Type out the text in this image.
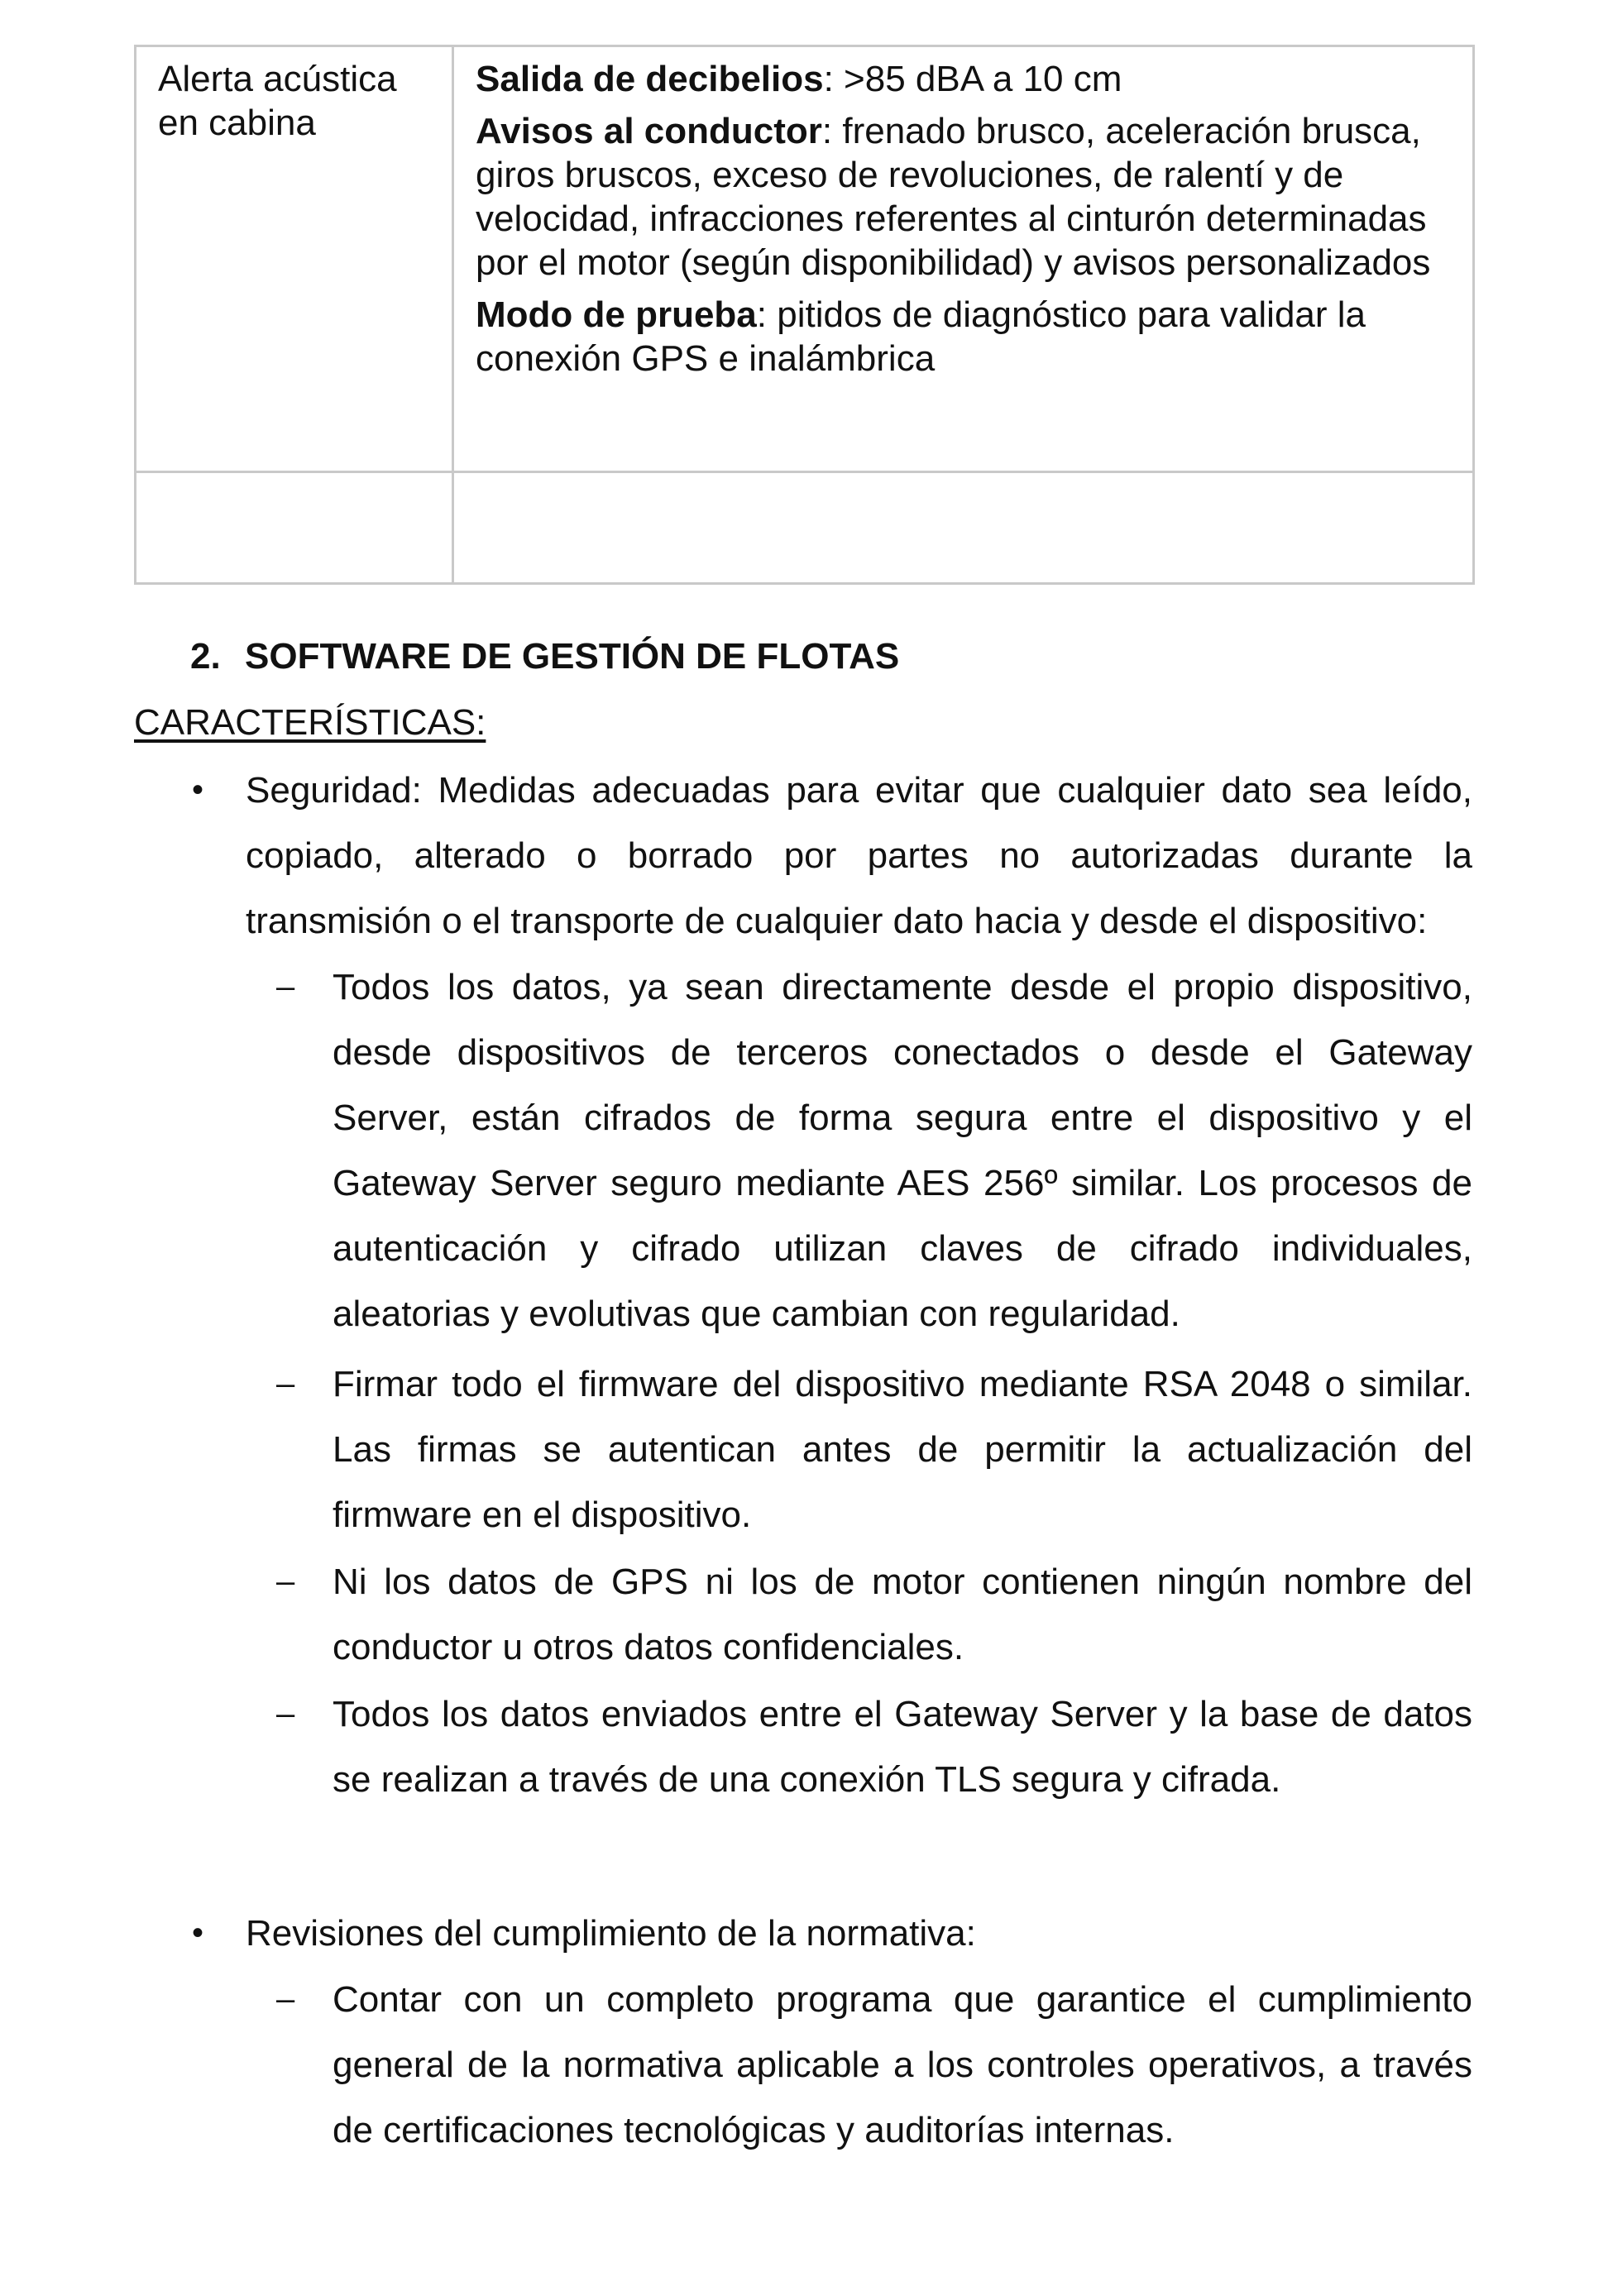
Alerta acústica en cabina	Salida de decibelios: >85 dBA a 10 cm
Avisos al conductor: frenado brusco, aceleración brusca, giros bruscos, exceso de revoluciones, de ralentí y de velocidad, infracciones referentes al cinturón determinadas por el motor (según disponibilidad) y avisos personalizados
Modo de prueba: pitidos de diagnóstico para validar la conexión GPS e inalámbrica

2. SOFTWARE DE GESTIÓN DE FLOTAS

CARACTERÍSTICAS:

• Seguridad: Medidas adecuadas para evitar que cualquier dato sea leído, copiado, alterado o borrado por partes no autorizadas durante la transmisión o el transporte de cualquier dato hacia y desde el dispositivo:

– Todos los datos, ya sean directamente desde el propio dispositivo, desde dispositivos de terceros conectados o desde el Gateway Server, están cifrados de forma segura entre el dispositivo y el Gateway Server seguro mediante AES 256º similar. Los procesos de autenticación y cifrado utilizan claves de cifrado individuales, aleatorias y evolutivas que cambian con regularidad.

– Firmar todo el firmware del dispositivo mediante RSA 2048 o similar. Las firmas se autentican antes de permitir la actualización del firmware en el dispositivo.

– Ni los datos de GPS ni los de motor contienen ningún nombre del conductor u otros datos confidenciales.

– Todos los datos enviados entre el Gateway Server y la base de datos se realizan a través de una conexión TLS segura y cifrada.

• Revisiones del cumplimiento de la normativa:

– Contar con un completo programa que garantice el cumplimiento general de la normativa aplicable a los controles operativos, a través de certificaciones tecnológicas y auditorías internas.
